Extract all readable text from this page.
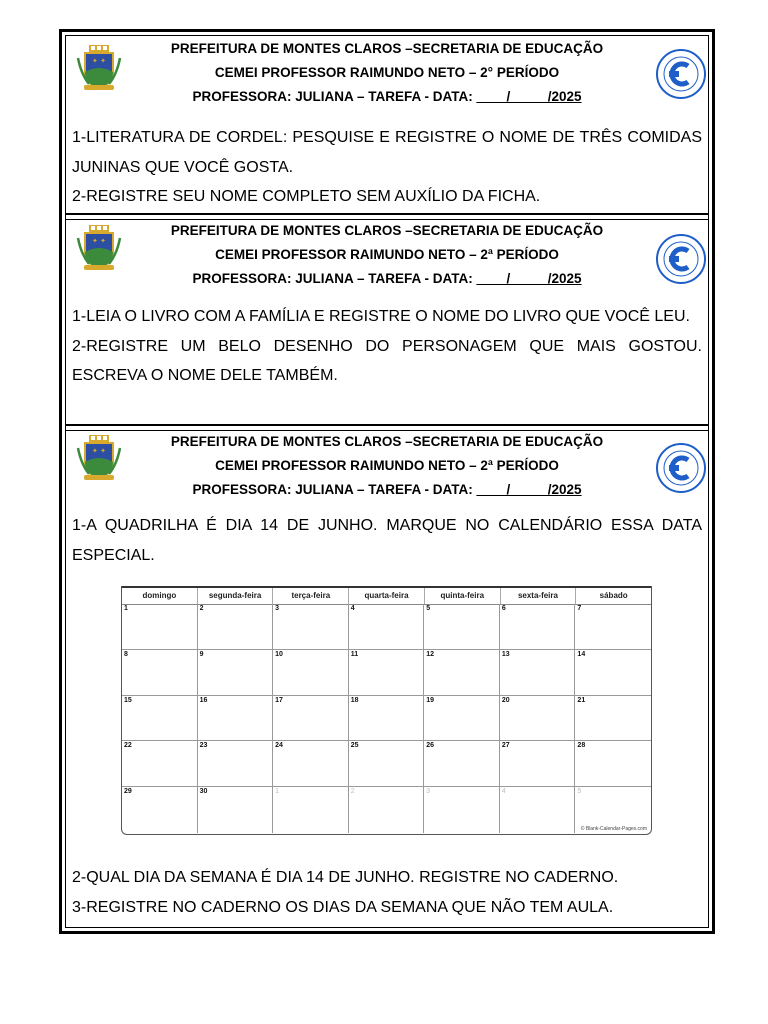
✦ ✦
PREFEITURA DE MONTES CLAROS –SECRETARIA DE EDUCAÇÃO
CEMEI PROFESSOR RAIMUNDO NETO – 2° PERÍODO
PROFESSORA: JULIANA – TAREFA - DATA: ____/_____/2025

1-LITERATURA DE CORDEL: PESQUISE E REGISTRE O NOME DE TRÊS COMIDAS JUNINAS QUE VOCÊ GOSTA.

2-REGISTRE SEU NOME COMPLETO SEM AUXÍLIO DA FICHA.

✦ ✦
PREFEITURA DE MONTES CLAROS –SECRETARIA DE EDUCAÇÃO
CEMEI PROFESSOR RAIMUNDO NETO – 2ª PERÍODO
PROFESSORA: JULIANA – TAREFA - DATA: ____/_____/2025

1-LEIA O LIVRO COM A FAMÍLIA E REGISTRE O NOME DO LIVRO QUE VOCÊ LEU.

2-REGISTRE UM BELO DESENHO DO PERSONAGEM QUE MAIS GOSTOU. ESCREVA O NOME DELE TAMBÉM.

✦ ✦
PREFEITURA DE MONTES CLAROS –SECRETARIA DE EDUCAÇÃO
CEMEI PROFESSOR RAIMUNDO NETO – 2ª PERÍODO
PROFESSORA: JULIANA – TAREFA - DATA: ____/_____/2025

1-A QUADRILHA É DIA 14 DE JUNHO. MARQUE NO CALENDÁRIO ESSA DATA ESPECIAL.

2-QUAL DIA DA SEMANA É DIA 14 DE JUNHO. REGISTRE NO CADERNO.

3-REGISTRE NO CADERNO OS DIAS DA SEMANA QUE NÃO TEM AULA.

domingo	segunda-feira	terça-feira	quarta-feira	quinta-feira	sexta-feira	sábado
1	2	3	4	5	6	7
8	9	10	11	12	13	14
15	16	17	18	19	20	21
22	23	24	25	26	27	28
29	30	1	2	3	4	5
© Blank-Calendar-Pages.com
